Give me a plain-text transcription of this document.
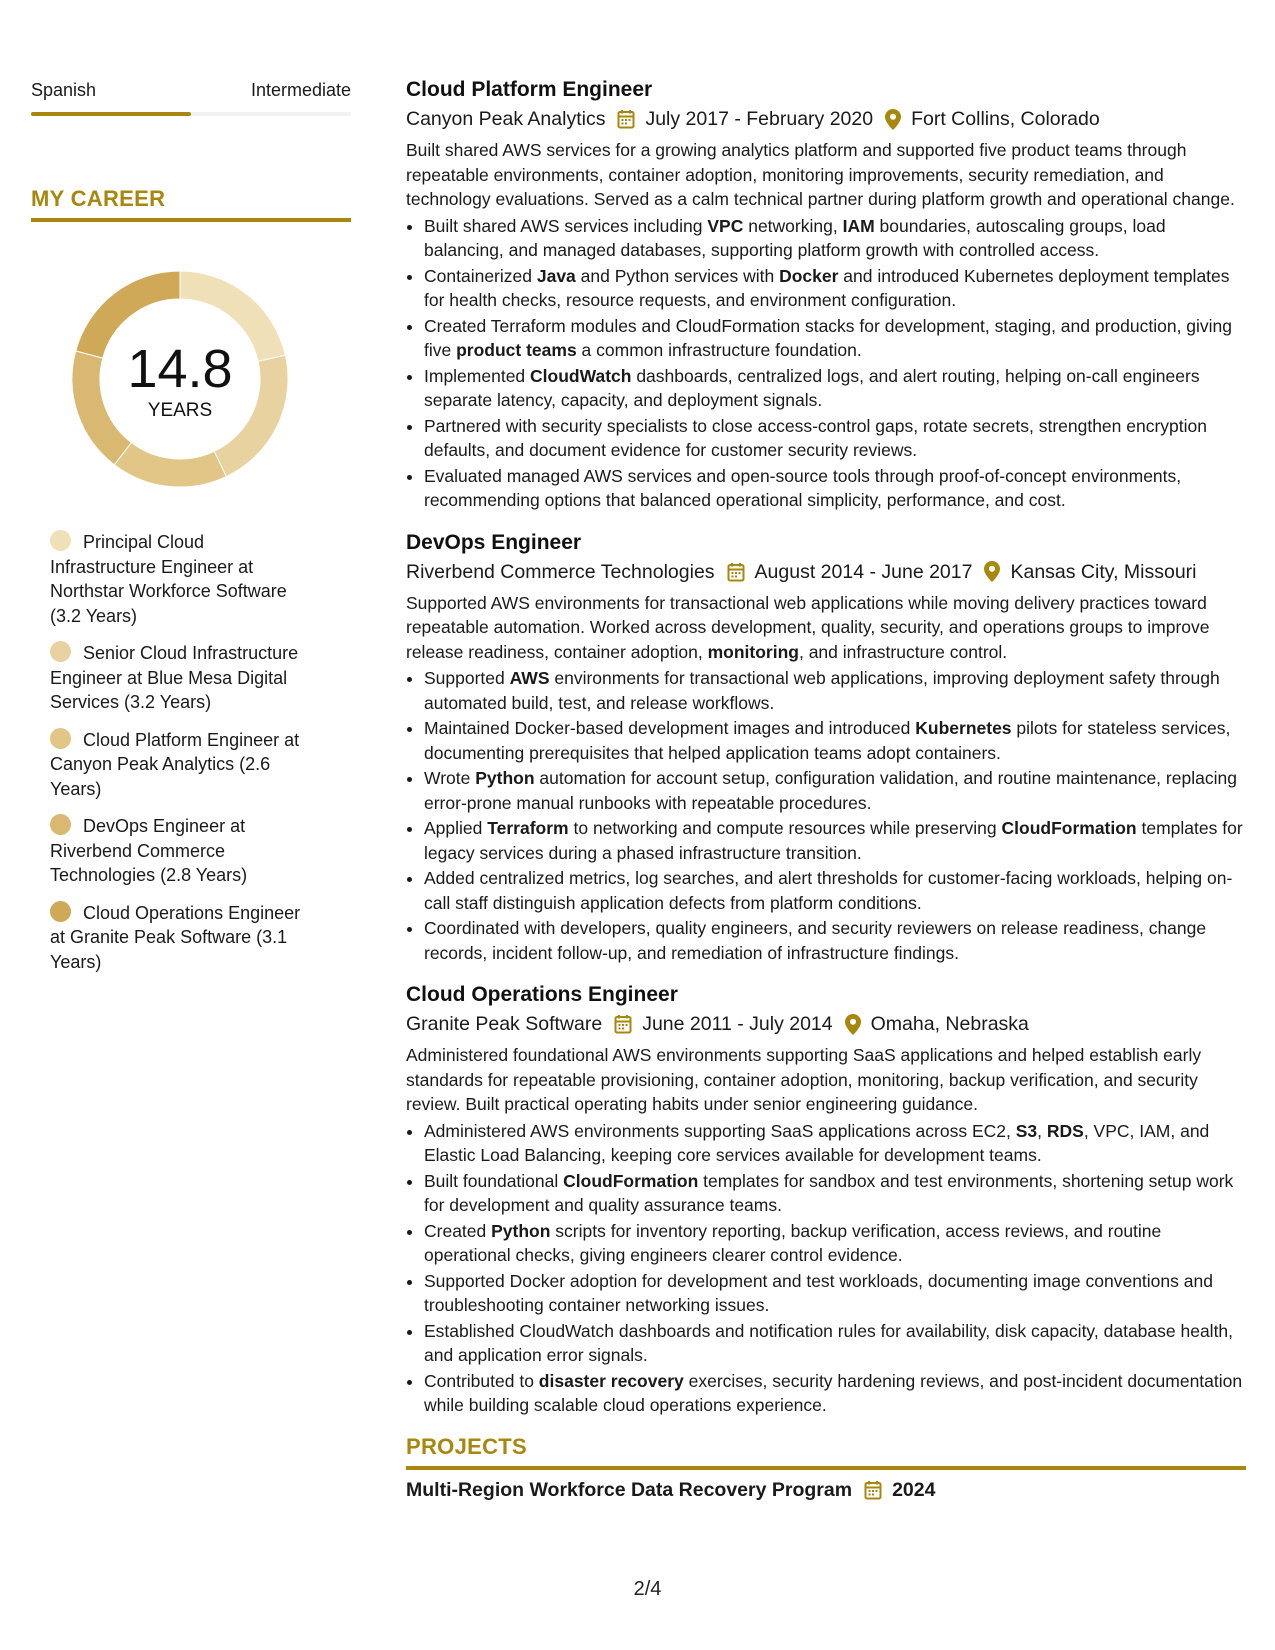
Spanish	Intermediate
MY CAREER
14.8
YEARS
Principal Cloud Infrastructure Engineer at Northstar Workforce Software (3.2 Years)
Senior Cloud Infrastructure Engineer at Blue Mesa Digital Services (3.2 Years)
Cloud Platform Engineer at Canyon Peak Analytics (2.6 Years)
DevOps Engineer at Riverbend Commerce Technologies (2.8 Years)
Cloud Operations Engineer at Granite Peak Software (3.1 Years)
Cloud Platform Engineer
Canyon Peak Analytics July 2017 - February 2020 Fort Collins, Colorado
Built shared AWS services for a growing analytics platform and supported five product teams through repeatable environments, container adoption, monitoring improvements, security remediation, and technology evaluations. Served as a calm technical partner during platform growth and operational change.
• Built shared AWS services including VPC networking, IAM boundaries, autoscaling groups, load balancing, and managed databases, supporting platform growth with controlled access.
• Containerized Java and Python services with Docker and introduced Kubernetes deployment templates for health checks, resource requests, and environment configuration.
• Created Terraform modules and CloudFormation stacks for development, staging, and production, giving five product teams a common infrastructure foundation.
• Implemented CloudWatch dashboards, centralized logs, and alert routing, helping on-call engineers separate latency, capacity, and deployment signals.
• Partnered with security specialists to close access-control gaps, rotate secrets, strengthen encryption defaults, and document evidence for customer security reviews.
• Evaluated managed AWS services and open-source tools through proof-of-concept environments, recommending options that balanced operational simplicity, performance, and cost.
DevOps Engineer
Riverbend Commerce Technologies August 2014 - June 2017 Kansas City, Missouri
Supported AWS environments for transactional web applications while moving delivery practices toward repeatable automation. Worked across development, quality, security, and operations groups to improve release readiness, container adoption, monitoring, and infrastructure control.
• Supported AWS environments for transactional web applications, improving deployment safety through automated build, test, and release workflows.
• Maintained Docker-based development images and introduced Kubernetes pilots for stateless services, documenting prerequisites that helped application teams adopt containers.
• Wrote Python automation for account setup, configuration validation, and routine maintenance, replacing error-prone manual runbooks with repeatable procedures.
• Applied Terraform to networking and compute resources while preserving CloudFormation templates for legacy services during a phased infrastructure transition.
• Added centralized metrics, log searches, and alert thresholds for customer-facing workloads, helping on-call staff distinguish application defects from platform conditions.
• Coordinated with developers, quality engineers, and security reviewers on release readiness, change records, incident follow-up, and remediation of infrastructure findings.
Cloud Operations Engineer
Granite Peak Software June 2011 - July 2014 Omaha, Nebraska
Administered foundational AWS environments supporting SaaS applications and helped establish early standards for repeatable provisioning, container adoption, monitoring, backup verification, and security review. Built practical operating habits under senior engineering guidance.
• Administered AWS environments supporting SaaS applications across EC2, S3, RDS, VPC, IAM, and Elastic Load Balancing, keeping core services available for development teams.
• Built foundational CloudFormation templates for sandbox and test environments, shortening setup work for development and quality assurance teams.
• Created Python scripts for inventory reporting, backup verification, access reviews, and routine operational checks, giving engineers clearer control evidence.
• Supported Docker adoption for development and test workloads, documenting image conventions and troubleshooting container networking issues.
• Established CloudWatch dashboards and notification rules for availability, disk capacity, database health, and application error signals.
• Contributed to disaster recovery exercises, security hardening reviews, and post-incident documentation while building scalable cloud operations experience.
PROJECTS
Multi-Region Workforce Data Recovery Program 2024
2/4
